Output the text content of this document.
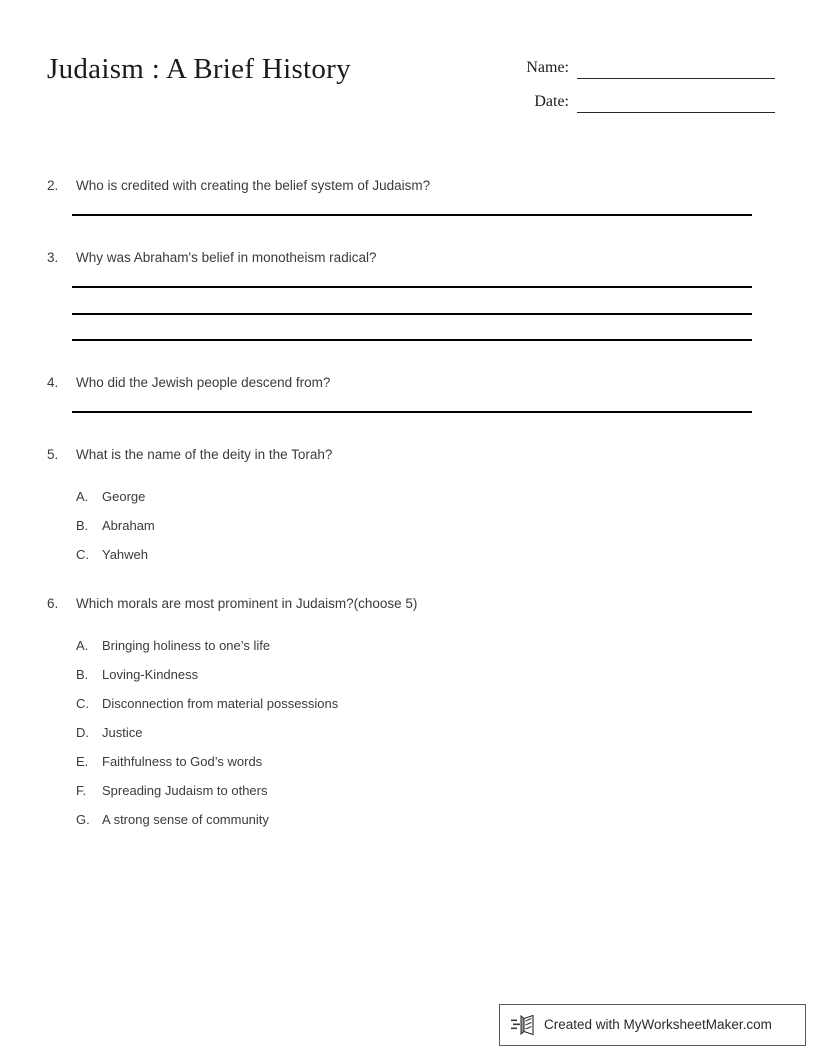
Judaism : A Brief History	Name:
Date:
2.	Who is credited with creating the belief system of Judaism?
3.	Why was Abraham's belief in monotheism radical?
4.	Who did the Jewish people descend from?
5.	What is the name of the deity in the Torah?
A.	George
B.	Abraham
C.	Yahweh
6.	Which morals are most prominent in Judaism?(choose 5)
A.	Bringing holiness to one’s life
B.	Loving-Kindness
C.	Disconnection from material possessions
D.	Justice
E.	Faithfulness to God’s words
F.	Spreading Judaism to others
G. A strong sense of community
Created with MyWorksheetMaker.com
